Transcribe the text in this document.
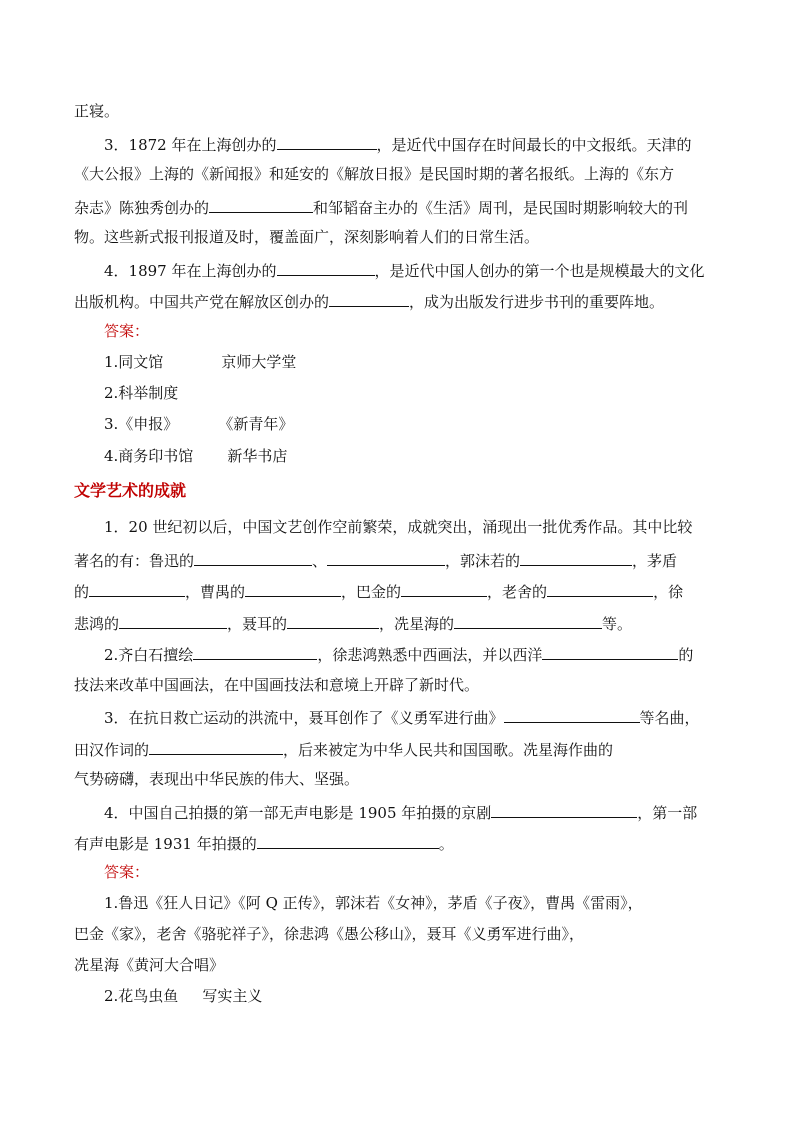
正寝。
3．1872 年在上海创办的	，是近代中国存在时间最长的中文报纸。天津的
《大公报》上海的《新闻报》和延安的《解放日报》是民国时期的著名报纸。上海的《东方
杂志》陈独秀创办的	和邹韬奋主办的《生活》周刊，是民国时期影响较大的刊
物。这些新式报刊报道及时，覆盖面广，深刻影响着人们的日常生活。
4．1897 年在上海创办的	，是近代中国人创办的第一个也是规模最大的文化
出版机构。中国共产党在解放区创办的	，成为出版发行进步书刊的重要阵地。
答案：
1.同文馆	京师大学堂
2.科举制度
3.《申报》	《新青年》
4.商务印书馆 新华书店
文学艺术的成就
1．20 世纪初以后，中国文艺创作空前繁荣，成就突出，涌现出一批优秀作品。其中比较
著名的有：鲁迅的	、	，郭沫若的	，茅盾
的	，曹禺的	，巴金的	，老舍的	，徐
悲鸿的	，聂耳的	，冼星海的	等。
2.齐白石擅绘	，徐悲鸿熟悉中西画法，并以西洋	的
技法来改革中国画法，在中国画技法和意境上开辟了新时代。
3．在抗日救亡运动的洪流中，聂耳创作了《义勇军进行曲》	等名曲，
田汉作词的	，后来被定为中华人民共和国国歌。冼星海作曲的
气势磅礴，表现出中华民族的伟大、坚强。
4．中国自己拍摄的第一部无声电影是 1905 年拍摄的京剧	，第一部
有声电影是 1931 年拍摄的	。
答案：
1.鲁迅《狂人日记》《阿 Q 正传》，郭沫若《女神》，茅盾《子夜》，曹禺《雷雨》，
巴金《家》，老舍《骆驼祥子》，徐悲鸿《愚公移山》，聂耳《义勇军进行曲》，
冼星海《黄河大合唱》
2.花鸟虫鱼 写实主义
